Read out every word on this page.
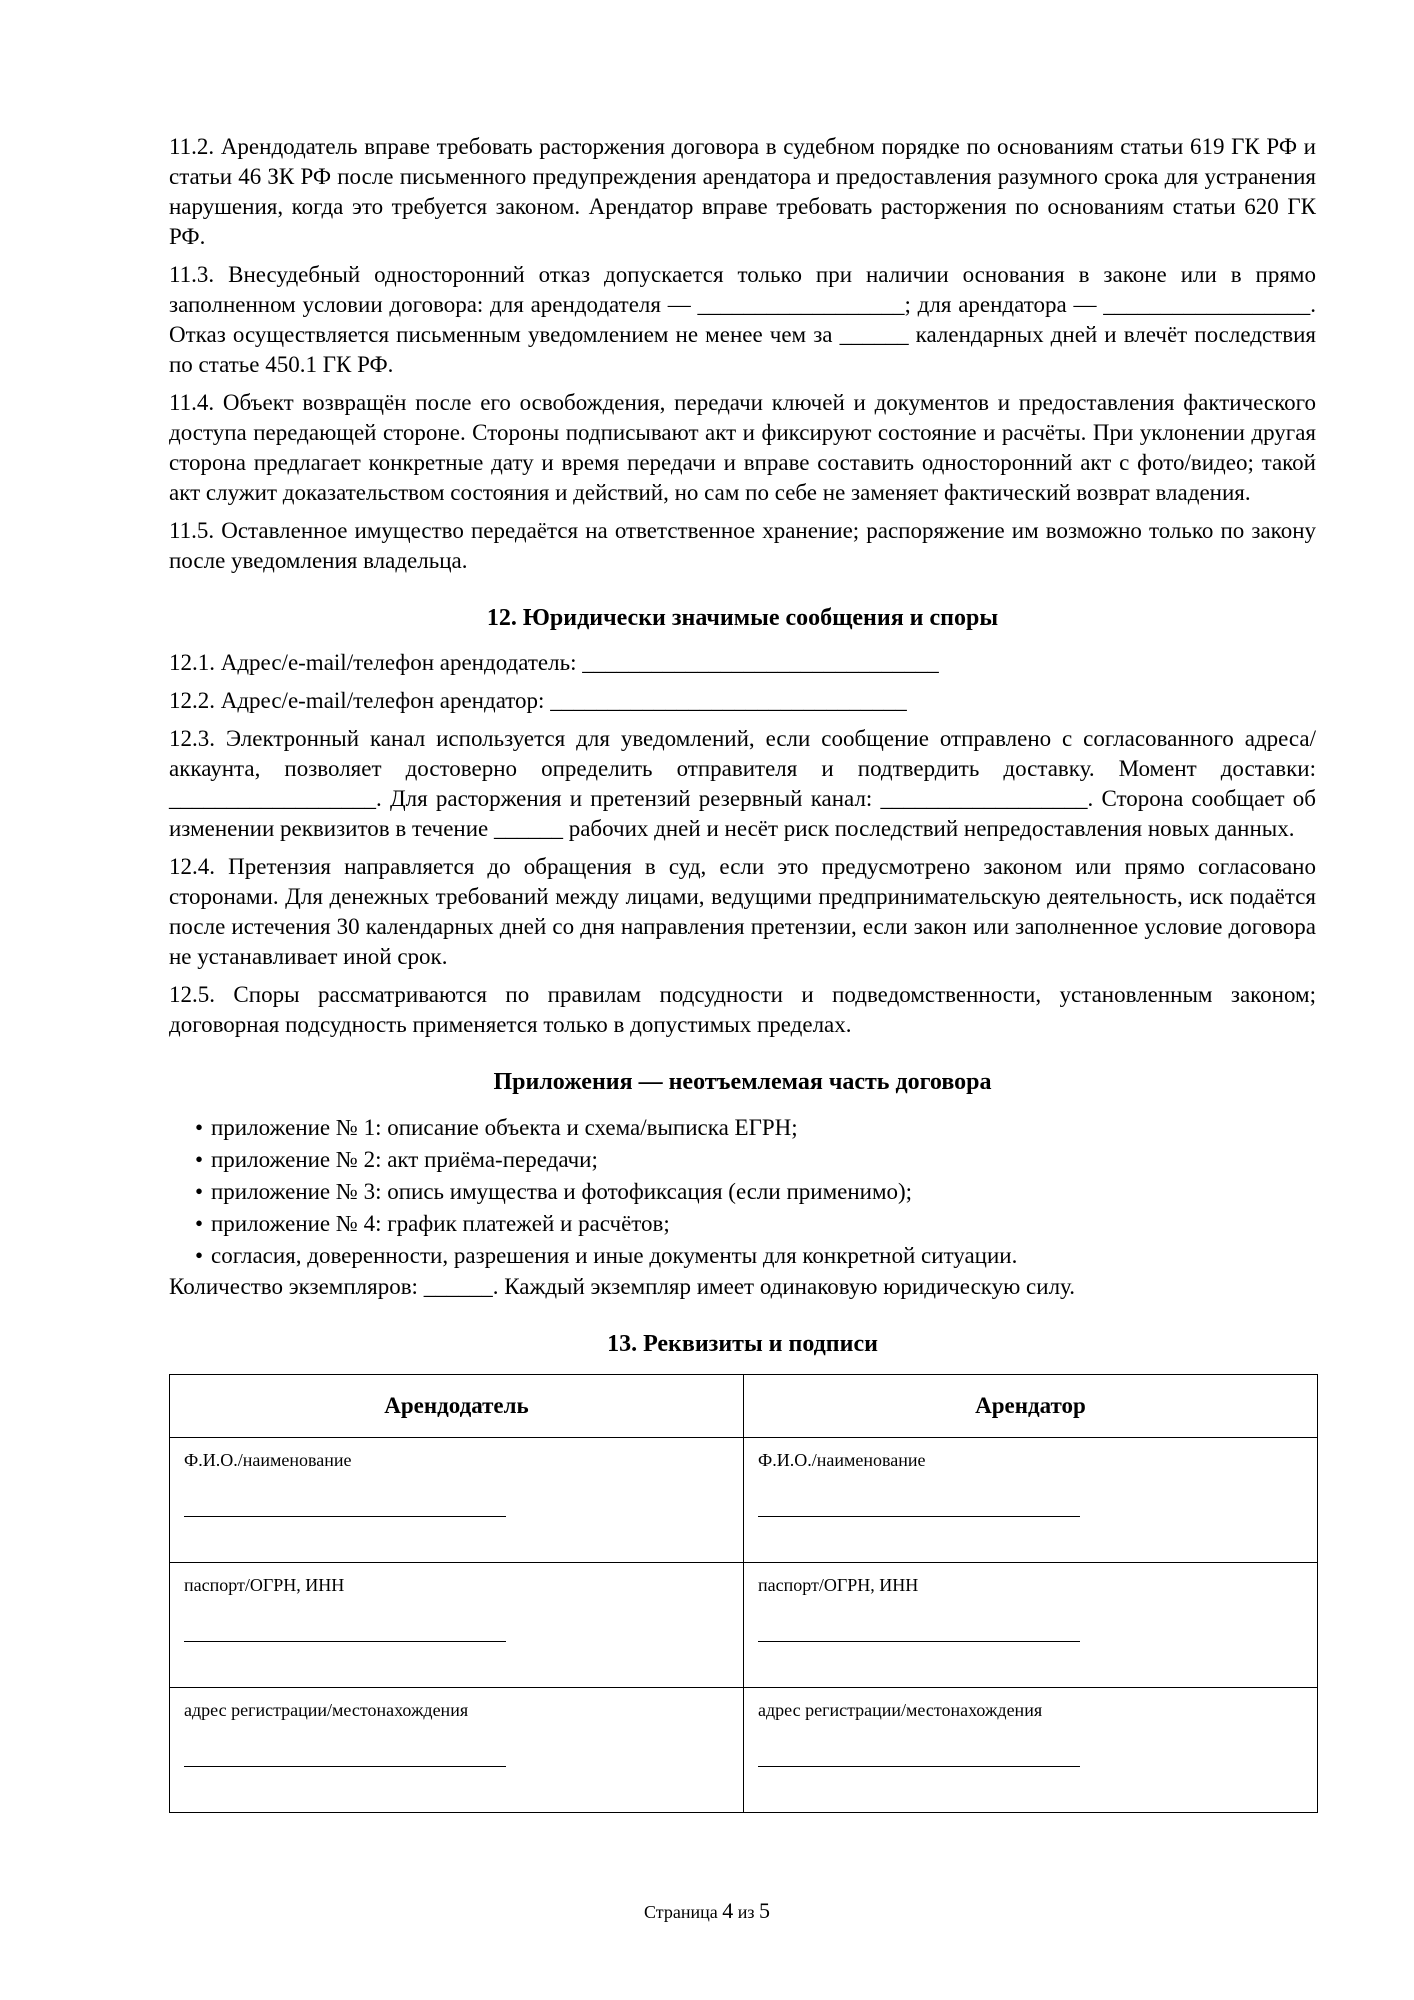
11.2. Арендодатель вправе требовать расторжения договора в судебном порядке по основаниям статьи 619 ГК РФ и статьи 46 ЗК РФ после письменного предупреждения арендатора и предоставления разумного срока для устранения нарушения, когда это требуется законом. Арендатор вправе требовать расторжения по основаниям статьи 620 ГК РФ.

11.3. Внесудебный односторонний отказ допускается только при наличии основания в законе или в прямо заполненном условии договора: для арендодателя — __________________; для арендатора — __________________. Отказ осуществляется письменным уведомлением не менее чем за ______ календарных дней и влечёт последствия по статье 450.1 ГК РФ.

11.4. Объект возвращён после его освобождения, передачи ключей и документов и предоставления фактического доступа передающей стороне. Стороны подписывают акт и фиксируют состояние и расчёты. При уклонении другая сторона предлагает конкретные дату и время передачи и вправе составить односторонний акт с фото/видео; такой акт служит доказательством состояния и действий, но сам по себе не заменяет фактический возврат владения.

11.5. Оставленное имущество передаётся на ответственное хранение; распоряжение им возможно только по закону после уведомления владельца.

12. Юридически значимые сообщения и споры

12.1. Адрес/e-mail/телефон арендодатель: _______________________________

12.2. Адрес/e-mail/телефон арендатор: _______________________________

12.3. Электронный канал используется для уведомлений, если сообщение отправлено с согласованного адреса/аккаунта, позволяет достоверно определить отправителя и подтвердить доставку. Момент доставки: __________________. Для расторжения и претензий резервный канал: __________________. Сторона сообщает об изменении реквизитов в течение ______ рабочих дней и несёт риск последствий непредоставления новых данных.

12.4. Претензия направляется до обращения в суд, если это предусмотрено законом или прямо согласовано сторонами. Для денежных требований между лицами, ведущими предпринимательскую деятельность, иск подаётся после истечения 30 календарных дней со дня направления претензии, если закон или заполненное условие договора не устанавливает иной срок.

12.5. Споры рассматриваются по правилам подсудности и подведомственности, установленным законом; договорная подсудность применяется только в допустимых пределах.

Приложения — неотъемлемая часть договора
• приложение № 1: описание объекта и схема/выписка ЕГРН;
• приложение № 2: акт приёма-передачи;
• приложение № 3: опись имущества и фотофиксация (если применимо);
• приложение № 4: график платежей и расчётов;
• согласия, доверенности, разрешения и иные документы для конкретной ситуации.

Количество экземпляров: ______. Каждый экземпляр имеет одинаковую юридическую силу.

13. Реквизиты и подписи
Арендодатель	Арендатор
Ф.И.О./наименование	Ф.И.О./наименование

паспорт/ОГРН, ИНН	паспорт/ОГРН, ИНН

адрес регистрации/местонахождения	адрес регистрации/местонахождения
Страница 4 из 5
